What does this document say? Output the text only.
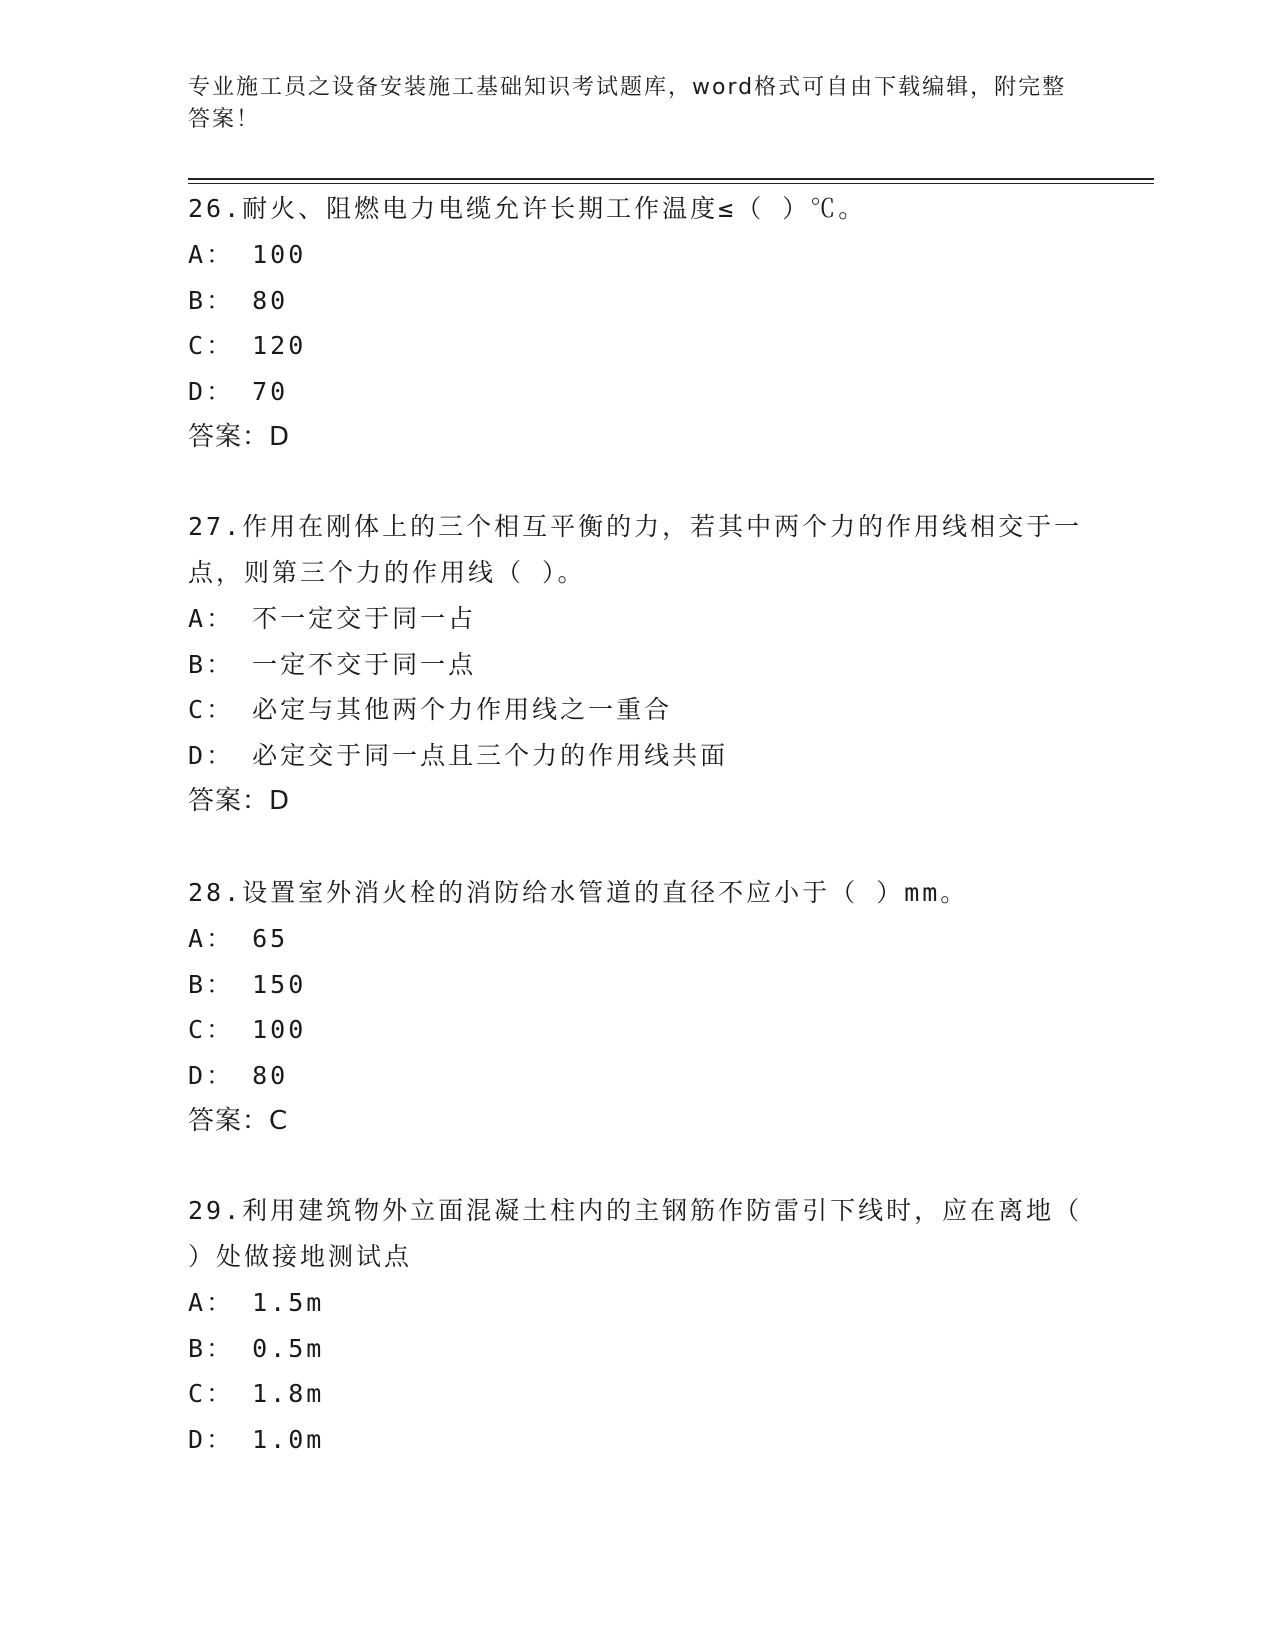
专业施工员之设备安装施工基础知识考试题库，word格式可自由下载编辑，附完整答案！
26.耐火、阻燃电力电缆允许长期工作温度≤（ ）℃。
A： 100
B： 80
C： 120
D： 70
答案：D
27.作用在刚体上的三个相互平衡的力，若其中两个力的作用线相交于一点，则第三个力的作用线（ ）。
A： 不一定交于同一占
B： 一定不交于同一点
C： 必定与其他两个力作用线之一重合
D： 必定交于同一点且三个力的作用线共面
答案：D
28.设置室外消火栓的消防给水管道的直径不应小于（ ）mm。
A： 65
B： 150
C： 100
D： 80
答案：C
29.利用建筑物外立面混凝土柱内的主钢筋作防雷引下线时，应在离地（ ）处做接地测试点
A： 1.5m
B： 0.5m
C： 1.8m
D： 1.0m
